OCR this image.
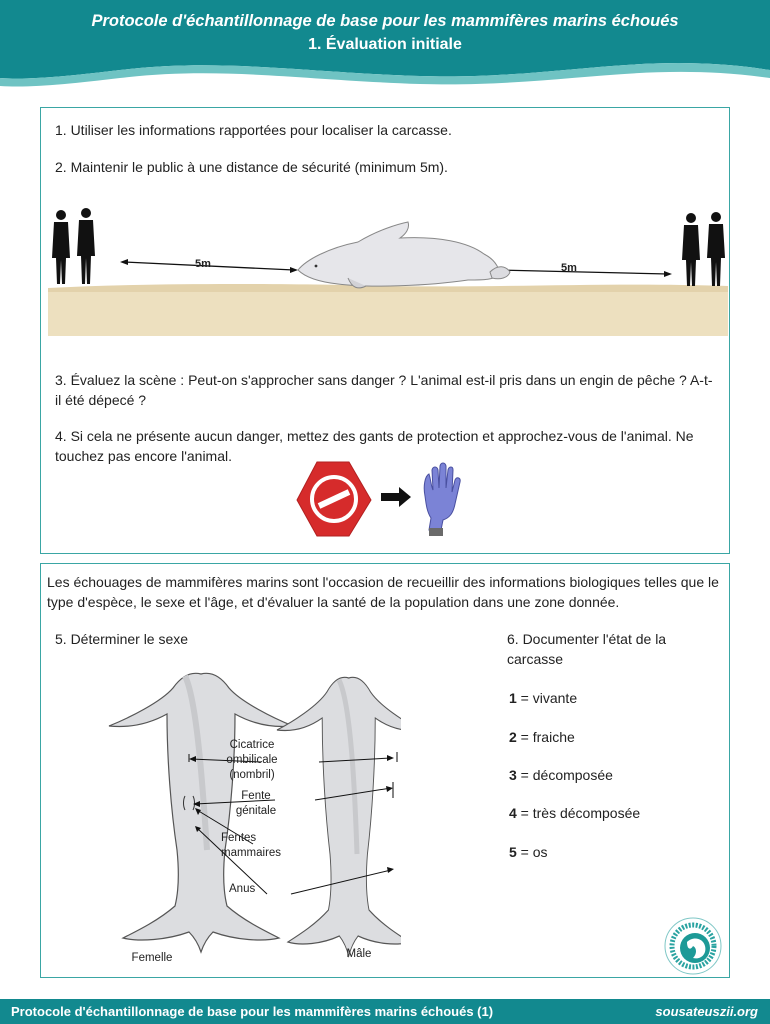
Protocole d'échantillonnage de base pour les mammifères marins échoués
1. Évaluation initiale
1. Utiliser les informations rapportées pour localiser la carcasse.
2. Maintenir le public à une distance de sécurité (minimum 5m).
5m	5m
3. Évaluez la scène : Peut-on s'approcher sans danger ? L'animal est-il pris dans un engin de pêche ? A-t-il été dépecé ?
4. Si cela ne présente aucun danger, mettez des gants de protection et approchez-vous de l'animal. Ne touchez pas encore l'animal.
Les échouages de mammifères marins sont l'occasion de recueillir des informations biologiques telles que le type d'espèce, le sexe et l'âge, et d'évaluer la santé de la population dans une zone donnée.
5. Déterminer le sexe	6. Documenter l'état de la carcasse
Cicatrice ombilicale (nombril)
Fente génitale
Fentes mammaires
Anus
Femelle	Mâle
1 = vivante
2 = fraiche
3 = décomposée
4 = très décomposée
5 = os
Protocole d'échantillonnage de base pour les mammifères marins échoués (1)	sousateuszii.org
